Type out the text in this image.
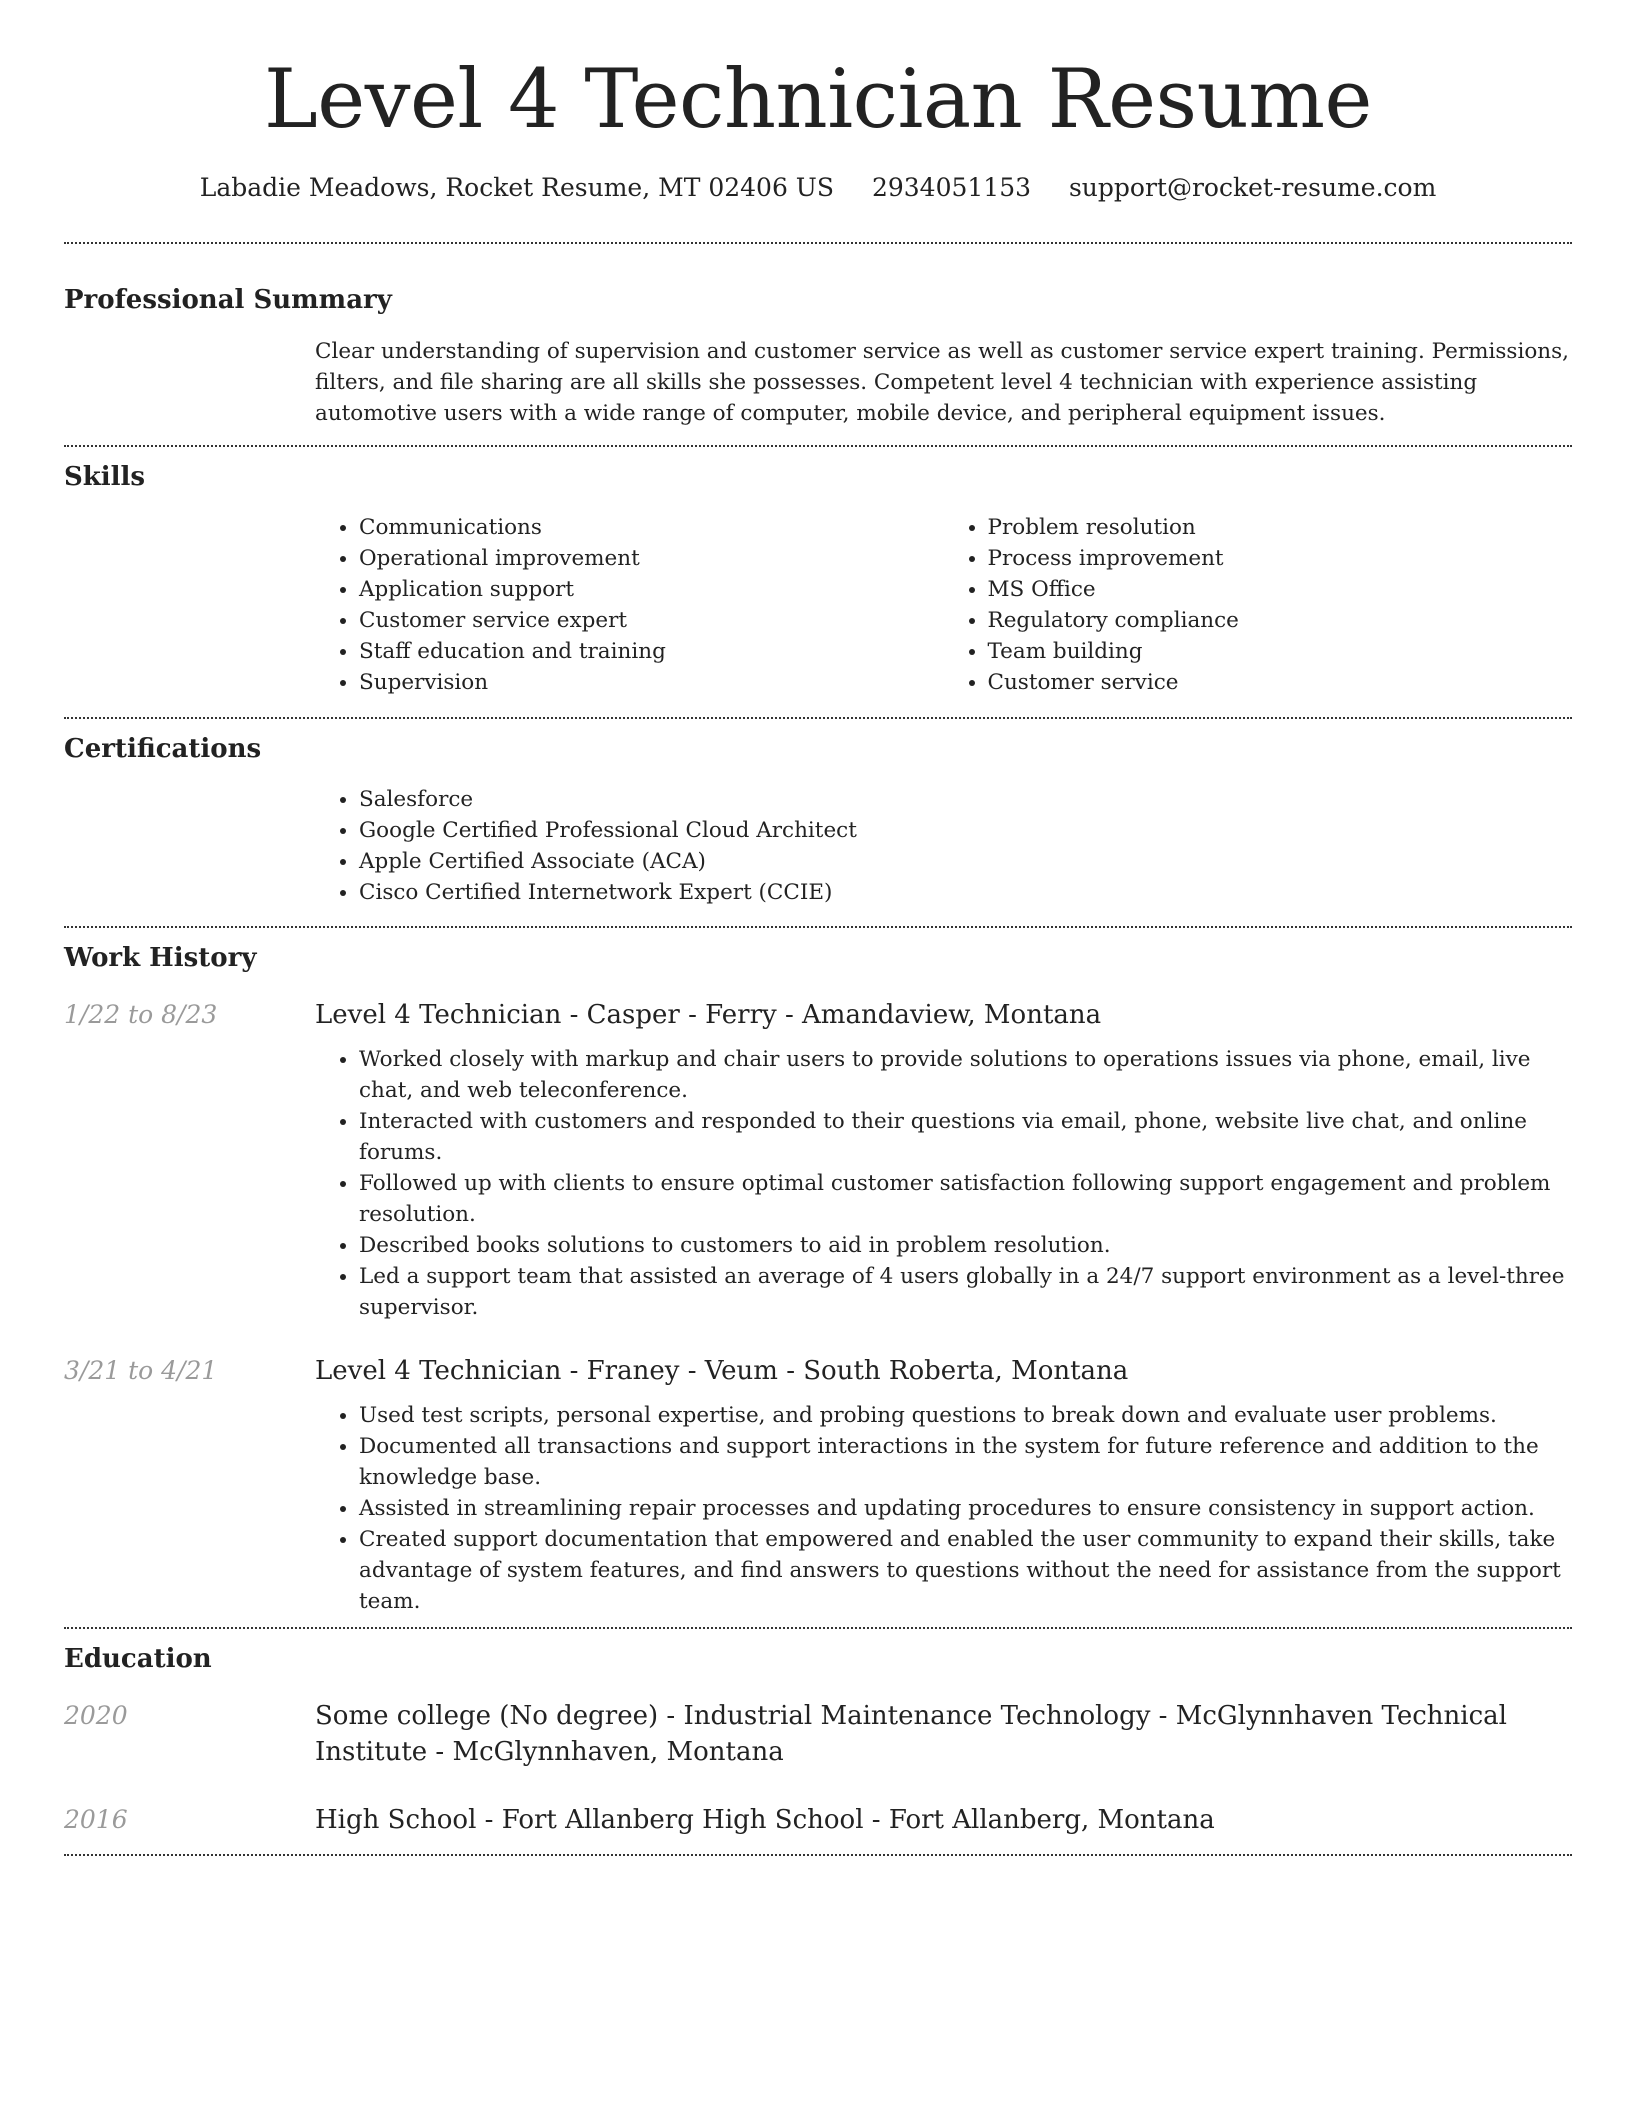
Level 4 Technician Resume
Labadie Meadows, Rocket Resume, MT 02406 US 2934051153 support@rocket-resume.com
Professional Summary

Clear understanding of supervision and customer service as well as customer service expert training. Permissions, filters, and file sharing are all skills she possesses. Competent level 4 technician with experience assisting automotive users with a wide range of computer, mobile device, and peripheral equipment issues.

Skills
• Communications
• Operational improvement
• Application support
• Customer service expert
• Staff education and training
• Supervision
• Problem resolution
• Process improvement
• MS Office
• Regulatory compliance
• Team building
• Customer service
Certifications
• Salesforce
• Google Certified Professional Cloud Architect
• Apple Certified Associate (ACA)
• Cisco Certified Internetwork Expert (CCIE)
Work History
1/22 to 8/23	Level 4 Technician - Casper - Ferry - Amandaview, Montana
• Worked closely with markup and chair users to provide solutions to operations issues via phone, email, live chat, and web teleconference.
• Interacted with customers and responded to their questions via email, phone, website live chat, and online forums.
• Followed up with clients to ensure optimal customer satisfaction following support engagement and problem resolution.
• Described books solutions to customers to aid in problem resolution.
• Led a support team that assisted an average of 4 users globally in a 24/7 support environment as a level-three supervisor.
3/21 to 4/21	Level 4 Technician - Franey - Veum - South Roberta, Montana
• Used test scripts, personal expertise, and probing questions to break down and evaluate user problems.
• Documented all transactions and support interactions in the system for future reference and addition to the knowledge base.
• Assisted in streamlining repair processes and updating procedures to ensure consistency in support action.
• Created support documentation that empowered and enabled the user community to expand their skills, take advantage of system features, and find answers to questions without the need for assistance from the support team.
Education
2020	Some college (No degree) - Industrial Maintenance Technology - McGlynnhaven Technical Institute - McGlynnhaven, Montana
2016	High School - Fort Allanberg High School - Fort Allanberg, Montana
